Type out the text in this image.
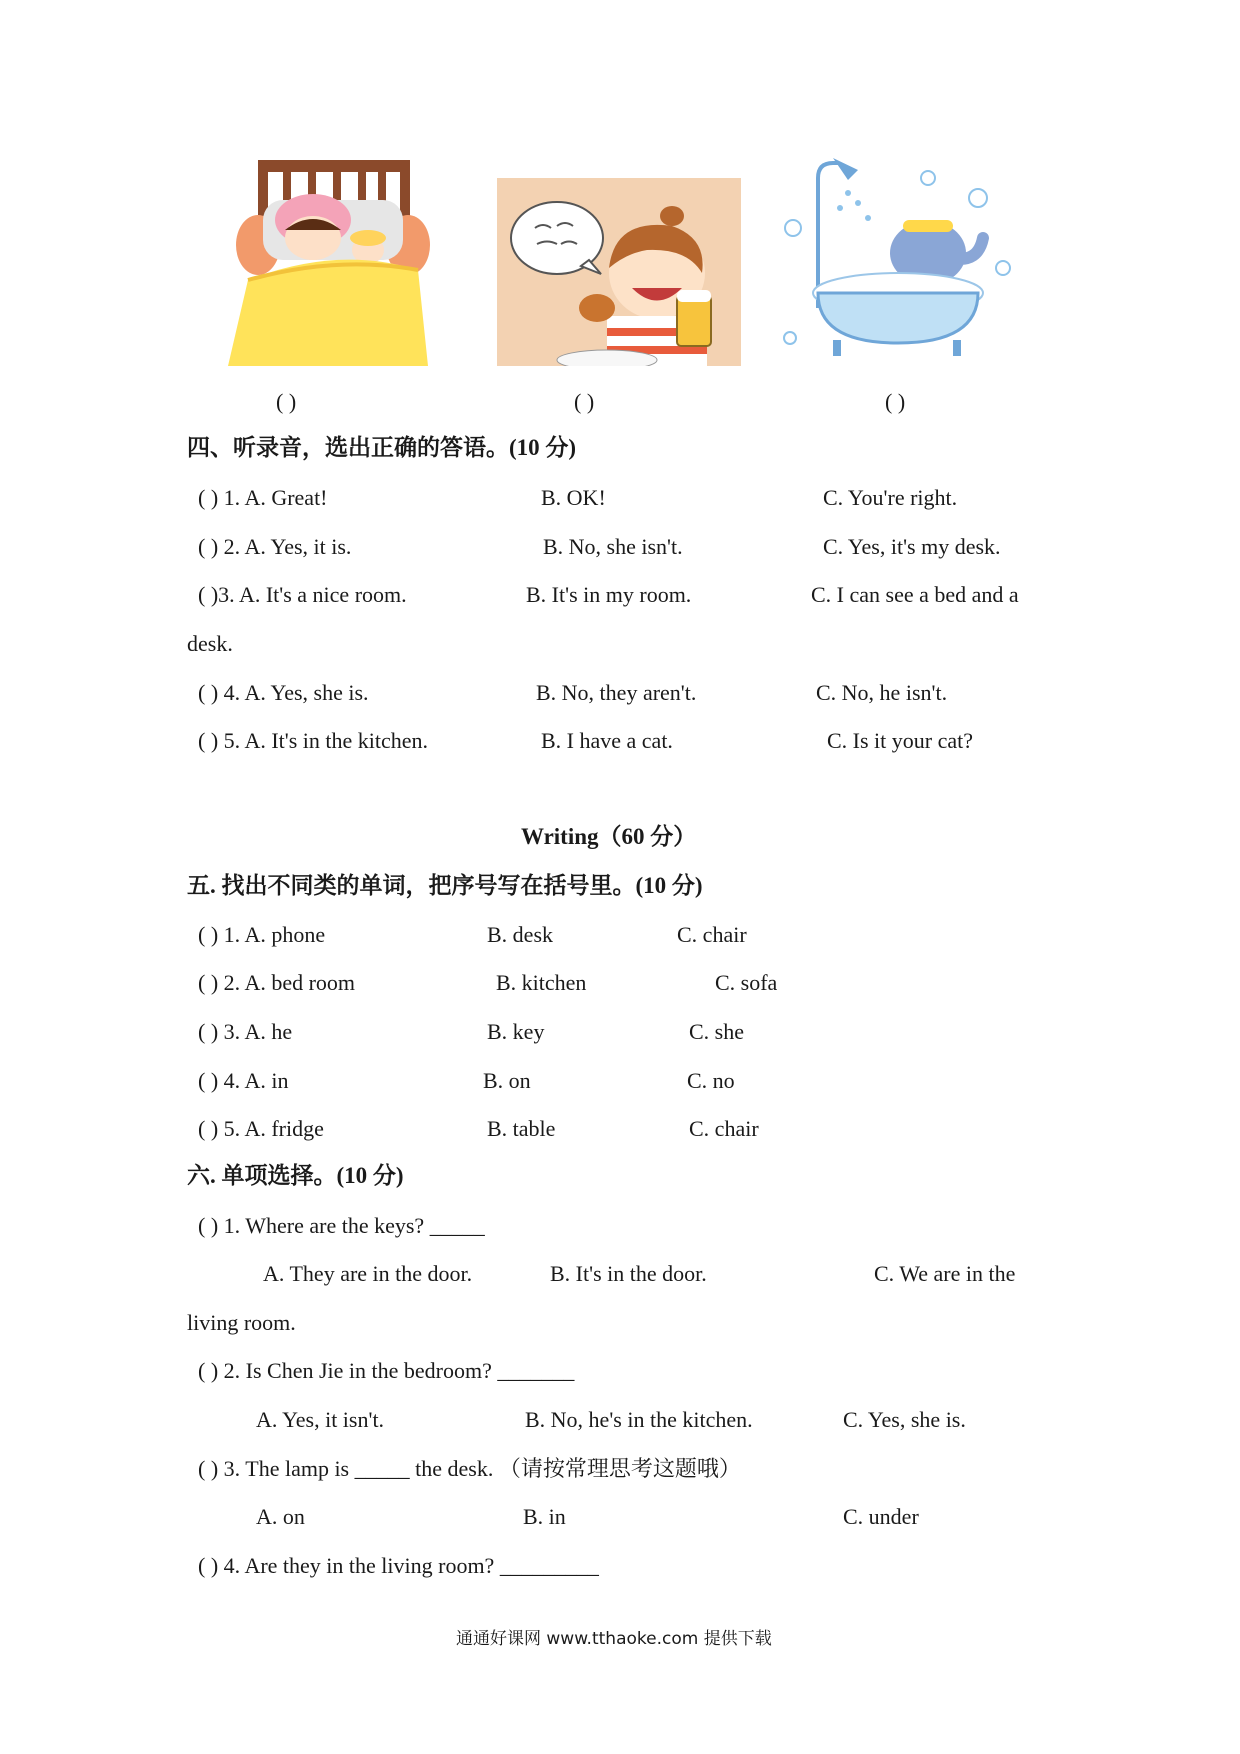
( )	( )	( )
四、听录音，选出正确的答语。(10 分)
( ) 1. A. Great!	B. OK!	C. You're right.
( ) 2. A. Yes, it is.	B. No, she isn't.	C. Yes, it's my desk.
( )3. A. It's a nice room.	B. It's in my room.	C. I can see a bed and a
desk.
( ) 4. A. Yes, she is.	B. No, they aren't.	C. No, he isn't.
( ) 5. A. It's in the kitchen.	B. I have a cat.	C. Is it your cat?
Writing（60 分）
五. 找出不同类的单词，把序号写在括号里。(10 分)
( ) 1. A. phone	B. desk	C. chair
( ) 2. A. bed room	B. kitchen	C. sofa
( ) 3. A. he	B. key	C. she
( ) 4. A. in	B. on	C. no
( ) 5. A. fridge	B. table	C. chair
六. 单项选择。(10 分)
( ) 1. Where are the keys? _____
A. They are in the door.	B. It's in the door.	C. We are in the
living room.
( ) 2. Is Chen Jie in the bedroom? _______
A. Yes, it isn't.	B. No, he's in the kitchen.	C. Yes, she is.
( ) 3. The lamp is _____ the desk. （请按常理思考这题哦）
A. on	B. in	C. under
( ) 4. Are they in the living room? _________
通通好课网 www.tthaoke.com 提供下载
